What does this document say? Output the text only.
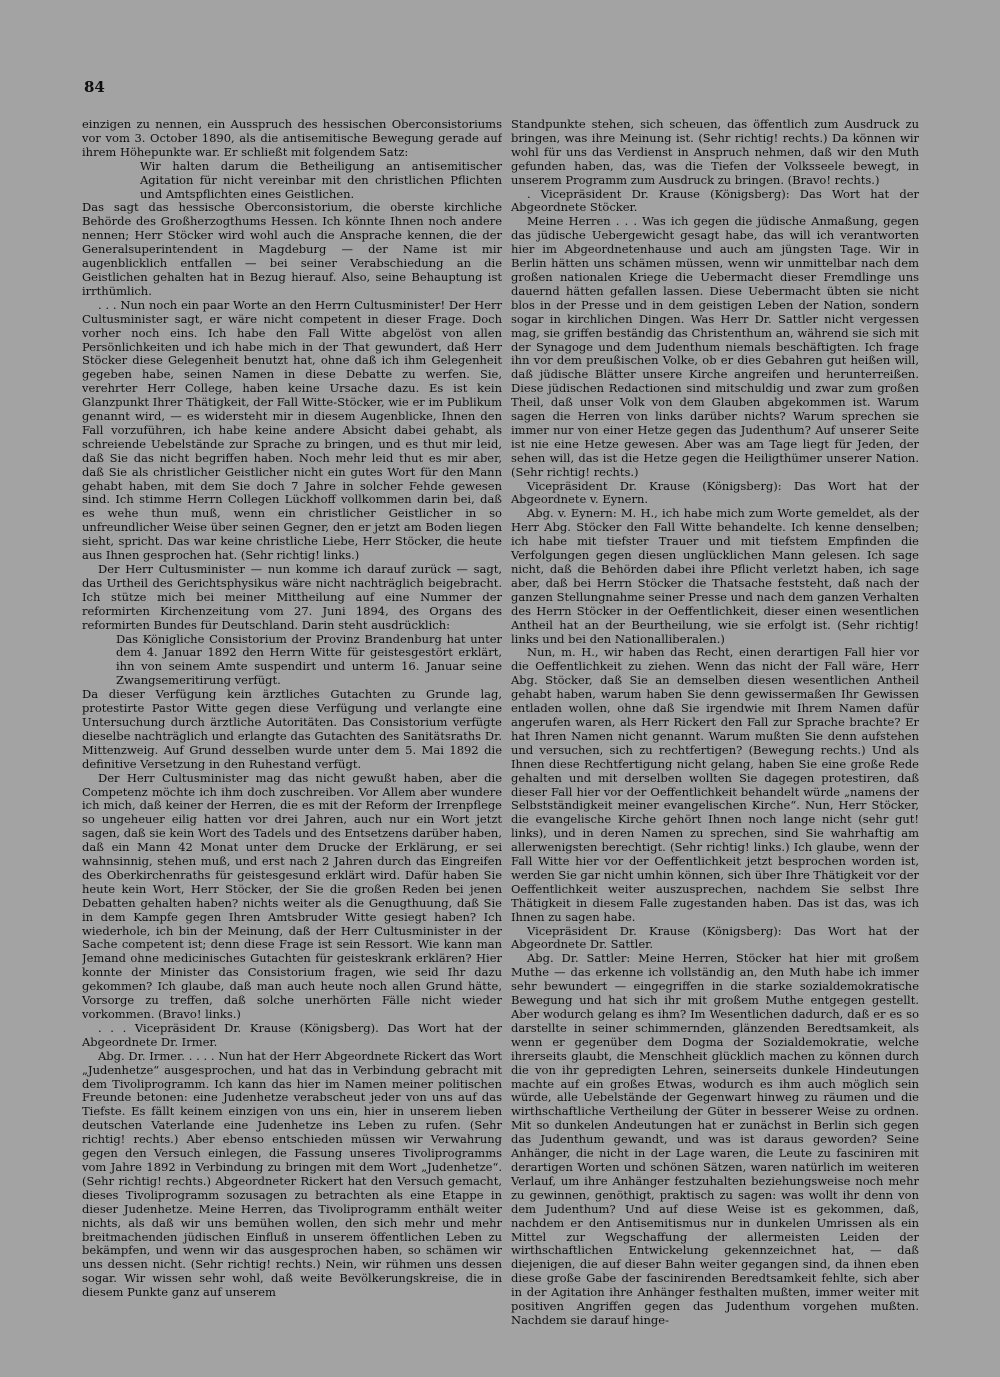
84

einzigen zu nennen, ein Ausspruch des hessischen Oberconsistoriums vor vom 3. October 1890, als die antisemitische Bewegung gerade auf ihrem Höhepunkte war. Er schließt mit folgendem Satz:

Wir halten darum die Betheiligung an antisemitischer Agitation für nicht vereinbar mit den christlichen Pflichten und Amtspflichten eines Geistlichen.

Das sagt das hessische Oberconsistorium, die oberste kirchliche Behörde des Großherzogthums Hessen. Ich könnte Ihnen noch andere nennen; Herr Stöcker wird wohl auch die Ansprache kennen, die der Generalsuperintendent in Magdeburg — der Name ist mir augenblicklich entfallen — bei seiner Verabschiedung an die Geistlichen gehalten hat in Bezug hierauf. Also, seine Behauptung ist irrthümlich.

. . . Nun noch ein paar Worte an den Herrn Cultusminister! Der Herr Cultusminister sagt, er wäre nicht competent in dieser Frage. Doch vorher noch eins. Ich habe den Fall Witte abgelöst von allen Persönlichkeiten und ich habe mich in der That gewundert, daß Herr Stöcker diese Gelegenheit benutzt hat, ohne daß ich ihm Gelegenheit gegeben habe, seinen Namen in diese Debatte zu werfen. Sie, verehrter Herr College, haben keine Ursache dazu. Es ist kein Glanzpunkt Ihrer Thätigkeit, der Fall Witte-Stöcker, wie er im Publikum genannt wird, — es widersteht mir in diesem Augenblicke, Ihnen den Fall vorzuführen, ich habe keine andere Absicht dabei gehabt, als schreiende Uebelstände zur Sprache zu bringen, und es thut mir leid, daß Sie das nicht begriffen haben. Noch mehr leid thut es mir aber, daß Sie als christlicher Geistlicher nicht ein gutes Wort für den Mann gehabt haben, mit dem Sie doch 7 Jahre in solcher Fehde gewesen sind. Ich stimme Herrn Collegen Lückhoff vollkommen darin bei, daß es wehe thun muß, wenn ein christlicher Geistlicher in so unfreundlicher Weise über seinen Gegner, den er jetzt am Boden liegen sieht, spricht. Das war keine christliche Liebe, Herr Stöcker, die heute aus Ihnen gesprochen hat. (Sehr richtig! links.)

Der Herr Cultusminister — nun komme ich darauf zurück — sagt, das Urtheil des Gerichtsphysikus wäre nicht nachträglich beigebracht. Ich stütze mich bei meiner Mittheilung auf eine Nummer der reformirten Kirchenzeitung vom 27. Juni 1894, des Organs des reformirten Bundes für Deutschland. Darin steht ausdrücklich:

Das Königliche Consistorium der Provinz Brandenburg hat unter dem 4. Januar 1892 den Herrn Witte für geistesgestört erklärt, ihn von seinem Amte suspendirt und unterm 16. Januar seine Zwangsemeritirung verfügt.

Da dieser Verfügung kein ärztliches Gutachten zu Grunde lag, protestirte Pastor Witte gegen diese Verfügung und verlangte eine Untersuchung durch ärztliche Autoritäten. Das Consistorium verfügte dieselbe nachträglich und erlangte das Gutachten des Sanitätsraths Dr. Mittenzweig. Auf Grund desselben wurde unter dem 5. Mai 1892 die definitive Versetzung in den Ruhestand verfügt.

Der Herr Cultusminister mag das nicht gewußt haben, aber die Competenz möchte ich ihm doch zuschreiben. Vor Allem aber wundere ich mich, daß keiner der Herren, die es mit der Reform der Irrenpflege so ungeheuer eilig hatten vor drei Jahren, auch nur ein Wort jetzt sagen, daß sie kein Wort des Tadels und des Entsetzens darüber haben, daß ein Mann 42 Monat unter dem Drucke der Erklärung, er sei wahnsinnig, stehen muß, und erst nach 2 Jahren durch das Eingreifen des Oberkirchenraths für geistesgesund erklärt wird. Dafür haben Sie heute kein Wort, Herr Stöcker, der Sie die großen Reden bei jenen Debatten gehalten haben? nichts weiter als die Genugthuung, daß Sie in dem Kampfe gegen Ihren Amtsbruder Witte gesiegt haben? Ich wiederhole, ich bin der Meinung, daß der Herr Cultusminister in der Sache competent ist; denn diese Frage ist sein Ressort. Wie kann man Jemand ohne medicinisches Gutachten für geisteskrank erklären? Hier konnte der Minister das Consistorium fragen, wie seid Ihr dazu gekommen? Ich glaube, daß man auch heute noch allen Grund hätte, Vorsorge zu treffen, daß solche unerhörten Fälle nicht wieder vorkommen. (Bravo! links.)

. . . Vicepräsident Dr. Krause (Königsberg). Das Wort hat der Abgeordnete Dr. Irmer.

Abg. Dr. Irmer. . . . . Nun hat der Herr Abgeordnete Rickert das Wort „Judenhetze“ ausgesprochen, und hat das in Verbindung gebracht mit dem Tivoliprogramm. Ich kann das hier im Namen meiner politischen Freunde betonen: eine Judenhetze verabscheut jeder von uns auf das Tiefste. Es fällt keinem einzigen von uns ein, hier in unserem lieben deutschen Vaterlande eine Judenhetze ins Leben zu rufen. (Sehr richtig! rechts.) Aber ebenso entschieden müssen wir Verwahrung gegen den Versuch einlegen, die Fassung unseres Tivoliprogramms vom Jahre 1892 in Verbindung zu bringen mit dem Wort „Judenhetze“. (Sehr richtig! rechts.) Abgeordneter Rickert hat den Versuch gemacht, dieses Tivoliprogramm sozusagen zu betrachten als eine Etappe in dieser Judenhetze. Meine Herren, das Tivoliprogramm enthält weiter nichts, als daß wir uns bemühen wollen, den sich mehr und mehr breitmachenden jüdischen Einfluß in unserem öffentlichen Leben zu bekämpfen, und wenn wir das ausgesprochen haben, so schämen wir uns dessen nicht. (Sehr richtig! rechts.) Nein, wir rühmen uns dessen sogar. Wir wissen sehr wohl, daß weite Bevölkerungskreise, die in diesem Punkte ganz auf unserem

Standpunkte stehen, sich scheuen, das öffentlich zum Ausdruck zu bringen, was ihre Meinung ist. (Sehr richtig! rechts.) Da können wir wohl für uns das Verdienst in Anspruch nehmen, daß wir den Muth gefunden haben, das, was die Tiefen der Volksseele bewegt, in unserem Programm zum Ausdruck zu bringen. (Bravo! rechts.)

. Vicepräsident Dr. Krause (Königsberg): Das Wort hat der Abgeordnete Stöcker.

Meine Herren . . . Was ich gegen die jüdische Anmaßung, gegen das jüdische Uebergewicht gesagt habe, das will ich verantworten hier im Abgeordnetenhause und auch am jüngsten Tage. Wir in Berlin hätten uns schämen müssen, wenn wir unmittelbar nach dem großen nationalen Kriege die Uebermacht dieser Fremdlinge uns dauernd hätten gefallen lassen. Diese Uebermacht übten sie nicht blos in der Presse und in dem geistigen Leben der Nation, sondern sogar in kirchlichen Dingen. Was Herr Dr. Sattler nicht vergessen mag, sie griffen beständig das Christenthum an, während sie sich mit der Synagoge und dem Judenthum niemals beschäftigten. Ich frage ihn vor dem preußischen Volke, ob er dies Gebahren gut heißen will, daß jüdische Blätter unsere Kirche angreifen und herunterreißen. Diese jüdischen Redactionen sind mitschuldig und zwar zum großen Theil, daß unser Volk von dem Glauben abgekommen ist. Warum sagen die Herren von links darüber nichts? Warum sprechen sie immer nur von einer Hetze gegen das Judenthum? Auf unserer Seite ist nie eine Hetze gewesen. Aber was am Tage liegt für Jeden, der sehen will, das ist die Hetze gegen die Heiligthümer unserer Nation. (Sehr richtig! rechts.)

Vicepräsident Dr. Krause (Königsberg): Das Wort hat der Abgeordnete v. Eynern.

Abg. v. Eynern: M. H., ich habe mich zum Worte gemeldet, als der Herr Abg. Stöcker den Fall Witte behandelte. Ich kenne denselben; ich habe mit tiefster Trauer und mit tiefstem Empfinden die Verfolgungen gegen diesen unglücklichen Mann gelesen. Ich sage nicht, daß die Behörden dabei ihre Pflicht verletzt haben, ich sage aber, daß bei Herrn Stöcker die Thatsache feststeht, daß nach der ganzen Stellungnahme seiner Presse und nach dem ganzen Verhalten des Herrn Stöcker in der Oeffentlichkeit, dieser einen wesentlichen Antheil hat an der Beurtheilung, wie sie erfolgt ist. (Sehr richtig! links und bei den Nationalliberalen.)

Nun, m. H., wir haben das Recht, einen derartigen Fall hier vor die Oeffentlichkeit zu ziehen. Wenn das nicht der Fall wäre, Herr Abg. Stöcker, daß Sie an demselben diesen wesentlichen Antheil gehabt haben, warum haben Sie denn gewissermaßen Ihr Gewissen entladen wollen, ohne daß Sie irgendwie mit Ihrem Namen dafür angerufen waren, als Herr Rickert den Fall zur Sprache brachte? Er hat Ihren Namen nicht genannt. Warum mußten Sie denn aufstehen und versuchen, sich zu rechtfertigen? (Bewegung rechts.) Und als Ihnen diese Rechtfertigung nicht gelang, haben Sie eine große Rede gehalten und mit derselben wollten Sie dagegen protestiren, daß dieser Fall hier vor der Oeffentlichkeit behandelt würde „namens der Selbstständigkeit meiner evangelischen Kirche“. Nun, Herr Stöcker, die evangelische Kirche gehört Ihnen noch lange nicht (sehr gut! links), und in deren Namen zu sprechen, sind Sie wahrhaftig am allerwenigsten berechtigt. (Sehr richtig! links.) Ich glaube, wenn der Fall Witte hier vor der Oeffentlichkeit jetzt besprochen worden ist, werden Sie gar nicht umhin können, sich über Ihre Thätigkeit vor der Oeffentlichkeit weiter auszusprechen, nachdem Sie selbst Ihre Thätigkeit in diesem Falle zugestanden haben. Das ist das, was ich Ihnen zu sagen habe.

Vicepräsident Dr. Krause (Königsberg): Das Wort hat der Abgeordnete Dr. Sattler.

Abg. Dr. Sattler: Meine Herren, Stöcker hat hier mit großem Muthe — das erkenne ich vollständig an, den Muth habe ich immer sehr bewundert — eingegriffen in die starke sozialdemokratische Bewegung und hat sich ihr mit großem Muthe entgegen gestellt. Aber wodurch gelang es ihm? Im Wesentlichen dadurch, daß er es so darstellte in seiner schimmernden, glänzenden Beredtsamkeit, als wenn er gegenüber dem Dogma der Sozialdemokratie, welche ihrerseits glaubt, die Menschheit glücklich machen zu können durch die von ihr gepredigten Lehren, seinerseits dunkele Hindeutungen machte auf ein großes Etwas, wodurch es ihm auch möglich sein würde, alle Uebelstände der Gegenwart hinweg zu räumen und die wirthschaftliche Vertheilung der Güter in besserer Weise zu ordnen. Mit so dunkelen Andeutungen hat er zunächst in Berlin sich gegen das Judenthum gewandt, und was ist daraus geworden? Seine Anhänger, die nicht in der Lage waren, die Leute zu fasciniren mit derartigen Worten und schönen Sätzen, waren natürlich im weiteren Verlauf, um ihre Anhänger festzuhalten beziehungsweise noch mehr zu gewinnen, genöthigt, praktisch zu sagen: was wollt ihr denn von dem Judenthum? Und auf diese Weise ist es gekommen, daß, nachdem er den Antisemitismus nur in dunkelen Umrissen als ein Mittel zur Wegschaffung der allermeisten Leiden der wirthschaftlichen Entwickelung gekennzeichnet hat, — daß diejenigen, die auf dieser Bahn weiter gegangen sind, da ihnen eben diese große Gabe der fascinirenden Beredtsamkeit fehlte, sich aber in der Agitation ihre Anhänger festhalten mußten, immer weiter mit positiven Angriffen gegen das Judenthum vorgehen mußten. Nachdem sie darauf hinge-
